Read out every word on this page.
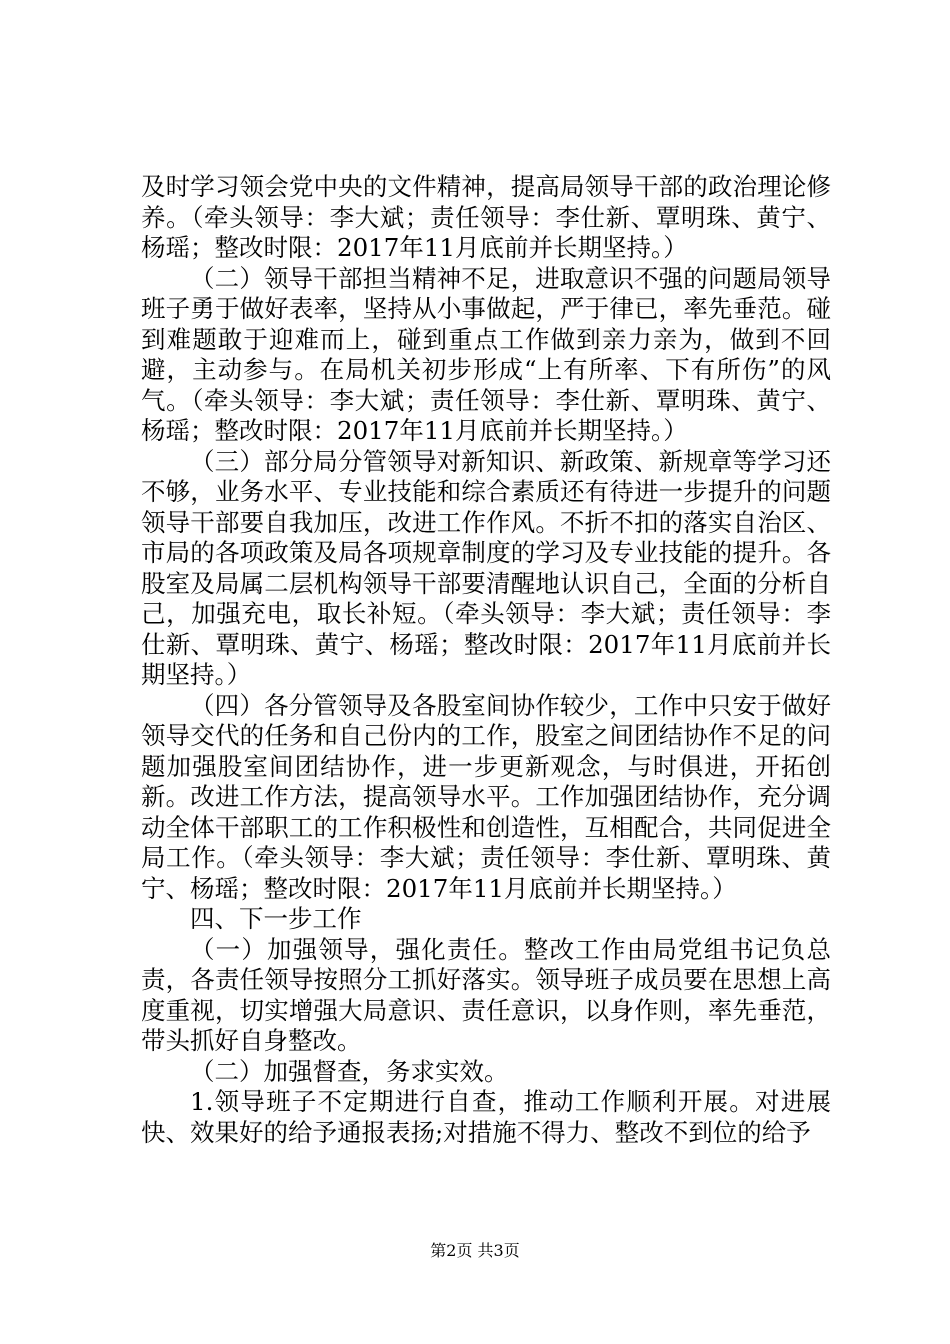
及时学习领会党中央的文件精神，提高局领导干部的政治理论修养。（牵头领导：李大斌；责任领导：李仕新、覃明珠、黄宁、杨瑶；整改时限：2017年11月底前并长期坚持。）

（二）领导干部担当精神不足，进取意识不强的问题局领导班子勇于做好表率，坚持从小事做起，严于律已，率先垂范。碰到难题敢于迎难而上，碰到重点工作做到亲力亲为，做到不回避，主动参与。在局机关初步形成“上有所率、下有所伤”的风气。（牵头领导：李大斌；责任领导：李仕新、覃明珠、黄宁、杨瑶；整改时限：2017年11月底前并长期坚持。）

（三）部分局分管领导对新知识、新政策、新规章等学习还不够，业务水平、专业技能和综合素质还有待进一步提升的问题领导干部要自我加压，改进工作作风。不折不扣的落实自治区、市局的各项政策及局各项规章制度的学习及专业技能的提升。各股室及局属二层机构领导干部要清醒地认识自己，全面的分析自己，加强充电，取长补短。（牵头领导：李大斌；责任领导：李仕新、覃明珠、黄宁、杨瑶；整改时限：2017年11月底前并长期坚持。）

（四）各分管领导及各股室间协作较少，工作中只安于做好领导交代的任务和自己份内的工作，股室之间团结协作不足的问题加强股室间团结协作，进一步更新观念，与时俱进，开拓创新。改进工作方法，提高领导水平。工作加强团结协作，充分调动全体干部职工的工作积极性和创造性，互相配合，共同促进全局工作。（牵头领导：李大斌；责任领导：李仕新、覃明珠、黄宁、杨瑶；整改时限：2017年11月底前并长期坚持。）

四、下一步工作

（一）加强领导，强化责任。整改工作由局党组书记负总责，各责任领导按照分工抓好落实。领导班子成员要在思想上高度重视，切实增强大局意识、责任意识，以身作则，率先垂范，带头抓好自身整改。

（二）加强督查，务求实效。

1.领导班子不定期进行自查，推动工作顺利开展。对进展快、效果好的给予通报表扬;对措施不得力、整改不到位的给予

第2页 共3页
